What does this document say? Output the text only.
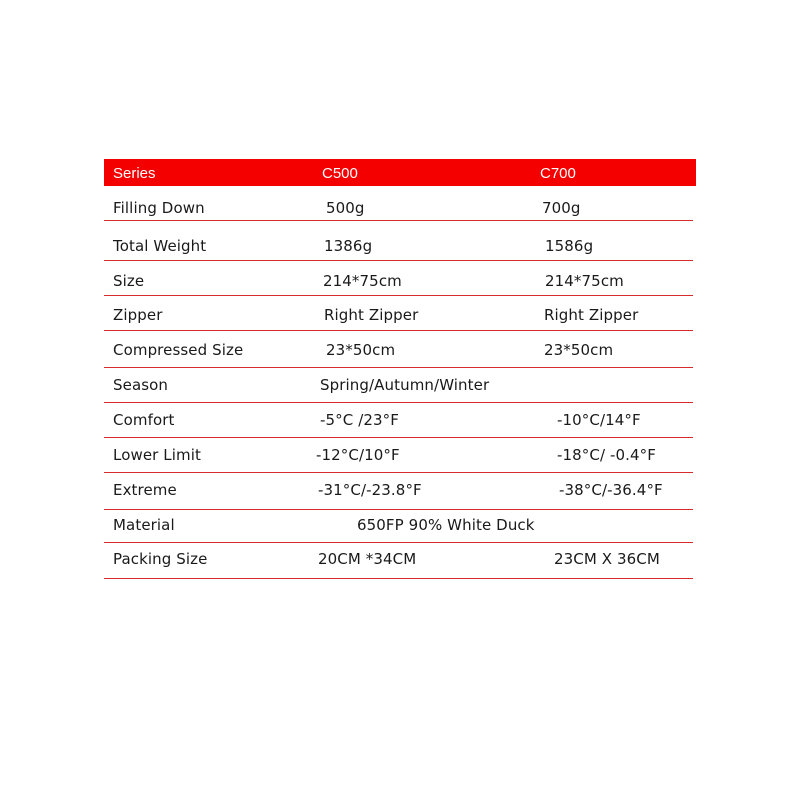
Series	C500	C700
Filling Down	500g	700g
Total Weight	1386g	1586g
Size	214*75cm	214*75cm
Zipper	Right Zipper	Right Zipper
Compressed Size	23*50cm	23*50cm
Season	Spring/Autumn/Winter
Comfort	-5°C /23°F	-10°C/14°F
Lower Limit	-12°C/10°F	-18°C/ -0.4°F
Extreme	-31°C/-23.8°F	-38°C/-36.4°F
Material	650FP 90% White Duck
Packing Size	20CM *34CM	23CM X 36CM
